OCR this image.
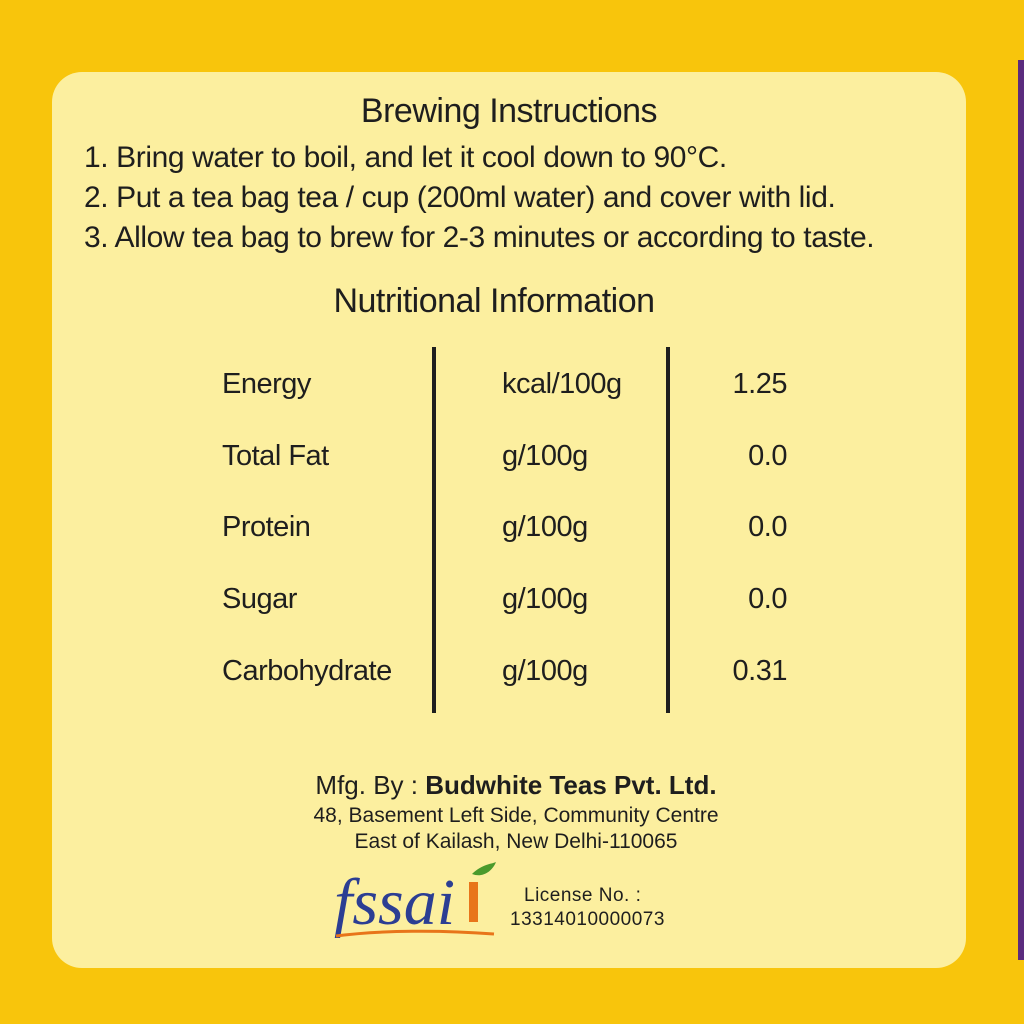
Brewing Instructions
1. Bring water to boil, and let it cool down to 90°C.
2. Put a tea bag tea / cup (200ml water) and cover with lid.
3. Allow tea bag to brew for 2-3 minutes or according to taste.
Nutritional Information
Energy	kcal/100g	1.25
Total Fat	g/100g	0.0
Protein	g/100g	0.0
Sugar	g/100g	0.0
Carbohydrate	g/100g	0.31
Mfg. By : Budwhite Teas Pvt. Ltd.
48, Basement Left Side, Community Centre
East of Kailash, New Delhi-110065
fssai	License No. :
13314010000073
